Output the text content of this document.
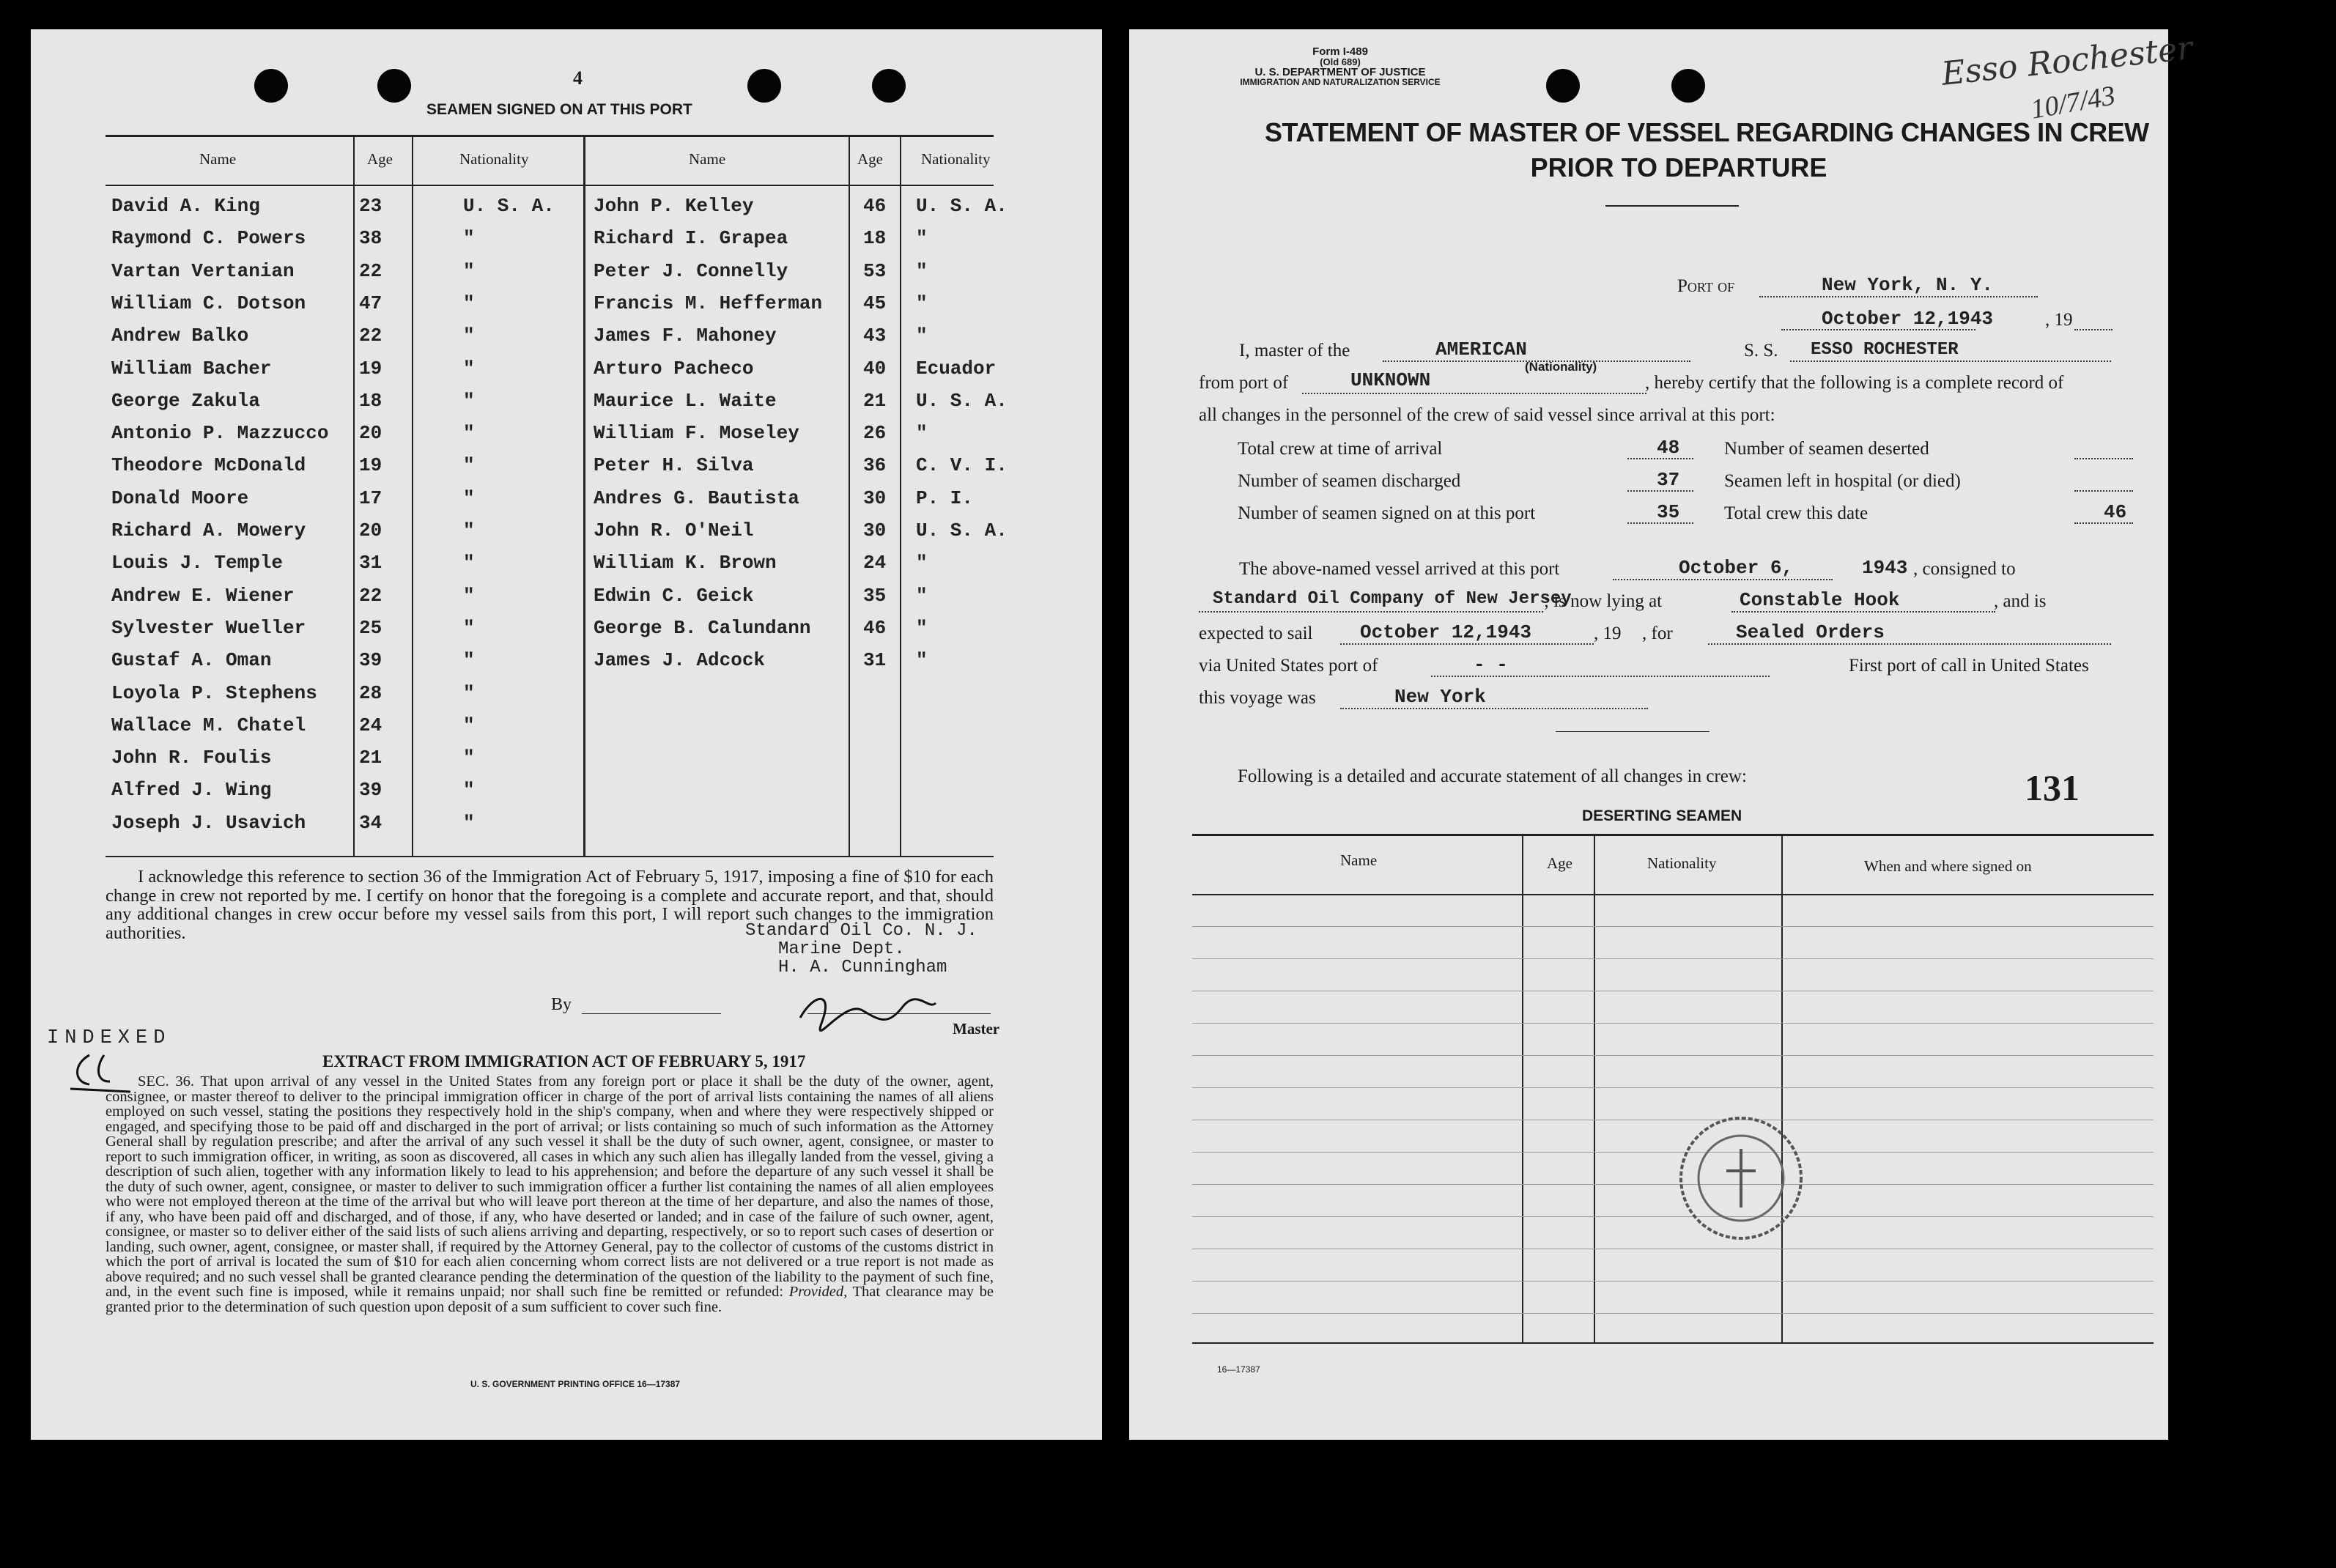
4
SEAMEN SIGNED ON AT THIS PORT
Name	Age	Nationality	Name	Age Nationality
David A. King	23	U. S. A.
Raymond C. Powers	38	"
Vartan Vertanian	22	"
William C. Dotson	47	"
Andrew Balko	22	"
William Bacher	19	"
George Zakula	18	"
Antonio P. Mazzucco 20	"
Theodore McDonald	19	"
Donald Moore	17	"
Richard A. Mowery	20	"
Louis J. Temple	31	"
Andrew E. Wiener	22	"
Sylvester Wueller	25	"
Gustaf A. Oman	39	"
Loyola P. Stephens 28	"
Wallace M. Chatel	24	"
John R. Foulis	21	"
Alfred J. Wing	39	"
Joseph J. Usavich	34	"
John P. Kelley	46 U. S. A.
Richard I. Grapea	18 "
Peter J. Connelly	53 "
Francis M. Hefferman 45 "
James F. Mahoney	43 "
Arturo Pacheco	40 Ecuador
Maurice L. Waite	21 U. S. A.
William F. Moseley	26 "
Peter H. Silva	36 C. V. I.
Andres G. Bautista	30 P. I.
John R. O'Neil	30 U. S. A.
William K. Brown	24 "
Edwin C. Geick	35 "
George B. Calundann	46 "
James J. Adcock	31 "
I acknowledge this reference to section 36 of the Immigration Act of February 5, 1917, imposing a fine of $10 for each change in crew not reported by me. I certify on honor that the foregoing is a complete and accurate report, and that, should any additional changes in crew occur before my vessel sails from this port, I will report such changes to the immigration authorities.	Standard Oil Co. N. J.
Marine Dept.
H. A. Cunningham
By
Master
INDEXED
EXTRACT FROM IMMIGRATION ACT OF FEBRUARY 5, 1917

SEC. 36. That upon arrival of any vessel in the United States from any foreign port or place it shall be the duty of the owner, agent, consignee, or master thereof to deliver to the principal immigration officer in charge of the port of arrival lists containing the names of all aliens employed on such vessel, stating the positions they respectively hold in the ship's company, when and where they were respectively shipped or engaged, and specifying those to be paid off and discharged in the port of arrival; or lists containing so much of such information as the Attorney General shall by regulation prescribe; and after the arrival of any such vessel it shall be the duty of such owner, agent, consignee, or master to report to such immigration officer, in writing, as soon as discovered, all cases in which any such alien has illegally landed from the vessel, giving a description of such alien, together with any information likely to lead to his apprehension; and before the departure of any such vessel it shall be the duty of such owner, agent, consignee, or master to deliver to such immigration officer a further list containing the names of all alien employees who were not employed thereon at the time of the arrival but who will leave port thereon at the time of her departure, and also the names of those, if any, who have been paid off and discharged, and of those, if any, who have deserted or landed; and in case of the failure of such owner, agent, consignee, or master so to deliver either of the said lists of such aliens arriving and departing, respectively, or so to report such cases of desertion or landing, such owner, agent, consignee, or master shall, if required by the Attorney General, pay to the collector of customs of the customs district in which the port of arrival is located the sum of $10 for each alien concerning whom correct lists are not delivered or a true report is not made as above required; and no such vessel shall be granted clearance pending the determination of the question of the liability to the payment of such fine, and, in the event such fine is imposed, while it remains unpaid; nor shall such fine be remitted or refunded: Provided, That clearance may be granted prior to the determination of such question upon deposit of a sum sufficient to cover such fine.

U. S. GOVERNMENT PRINTING OFFICE 16—17387
Form I-489
(Old 689)
U. S. DEPARTMENT OF JUSTICE
IMMIGRATION AND NATURALIZATION SERVICE	Esso Rochester
10/7/43
STATEMENT OF MASTER OF VESSEL REGARDING CHANGES IN CREW
PRIOR TO DEPARTURE
Port of	New York, N. Y.
October 12,1943	, 19
I, master of the	AMERICAN
(Nationality)
S. S. ESSO ROCHESTER
from port of	UNKNOWN	, hereby certify that the following is a complete record of
all changes in the personnel of the crew of said vessel since arrival at this port:
Total crew at time of arrival	48
Number of seamen discharged	37
Number of seamen signed on at this port	35
Number of seamen deserted
Seamen left in hospital (or died)
Total crew this date	46
The above-named vessel arrived at this port	October 6,	1943 , consigned to
Standard Oil Company of New Jersey
; is now lying at	Constable Hook	, and is
expected to sail October 12,1943	, 19 , for	Sealed Orders
via United States port of	- -	First port of call in United States
this voyage was	New York
Following is a detailed and accurate statement of all changes in crew:	131
DESERTING SEAMEN
Name	Age	Nationality	When and where signed on
16—17387
